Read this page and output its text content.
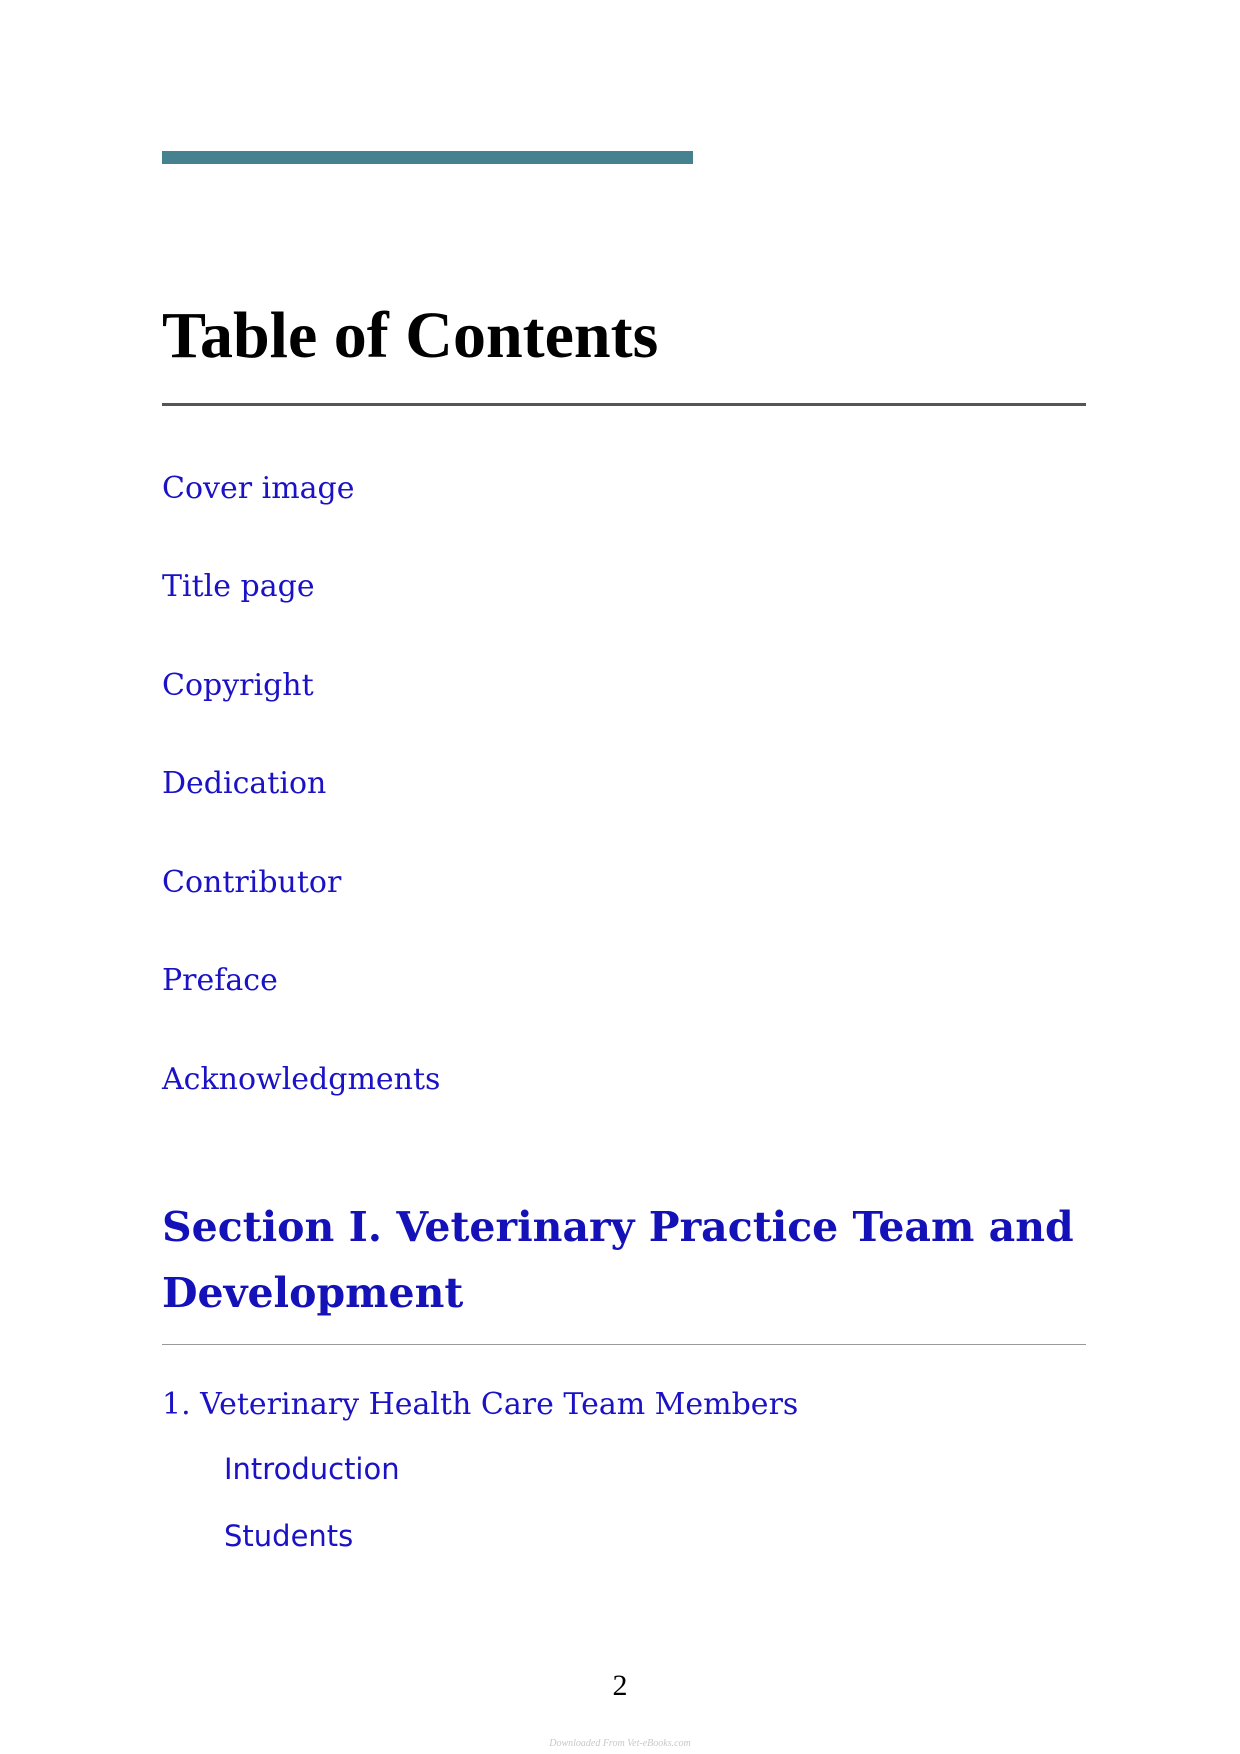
Table of Contents
Cover image
Title page
Copyright
Dedication
Contributor
Preface
Acknowledgments
Section I. Veterinary Practice Team and
Development
1. Veterinary Health Care Team Members
Introduction
Students
2
Downloaded From Vet-eBooks.com
